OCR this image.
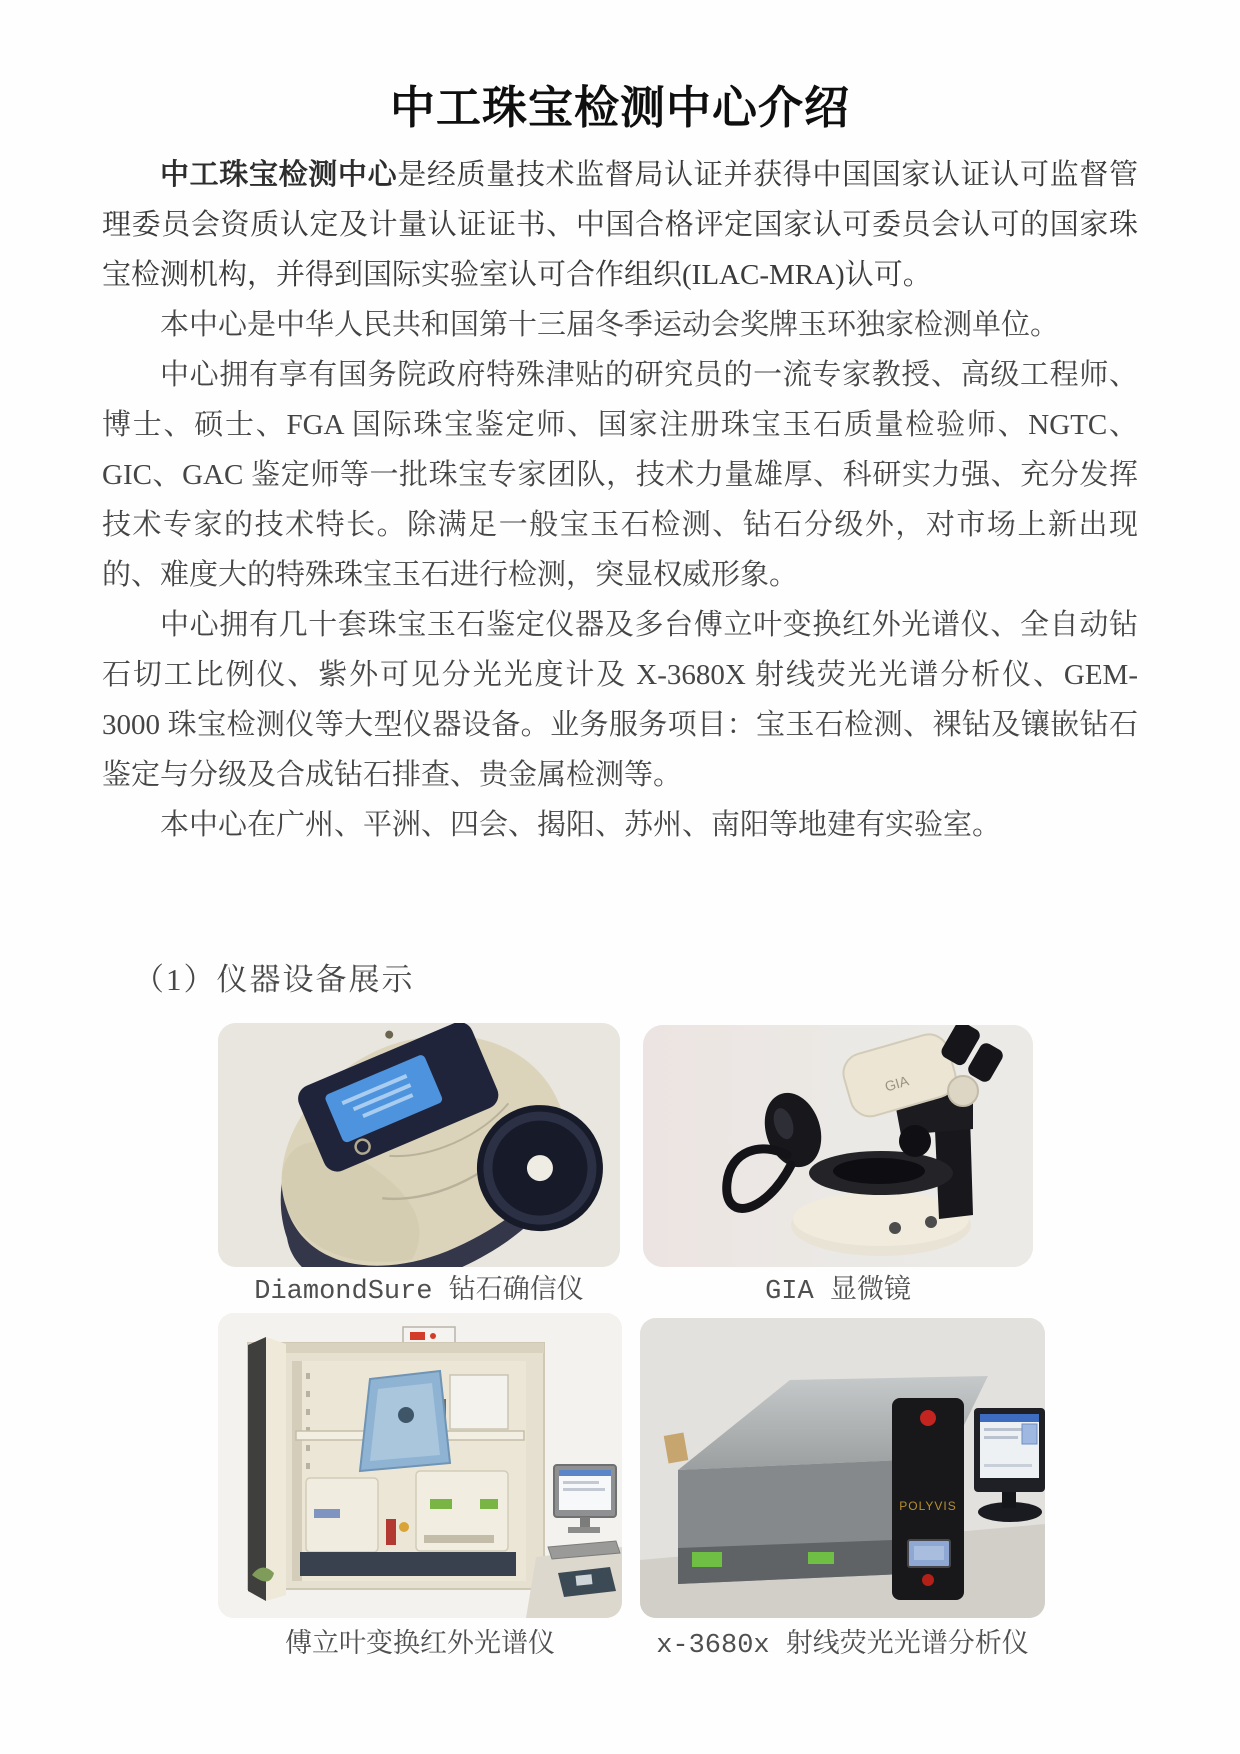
中工珠宝检测中心介绍

中工珠宝检测中心是经质量技术监督局认证并获得中国国家认证认可监督管理委员会资质认定及计量认证证书、中国合格评定国家认可委员会认可的国家珠宝检测机构，并得到国际实验室认可合作组织(ILAC-MRA)认可。

本中心是中华人民共和国第十三届冬季运动会奖牌玉环独家检测单位。

中心拥有享有国务院政府特殊津贴的研究员的一流专家教授、高级工程师、博士、硕士、FGA 国际珠宝鉴定师、国家注册珠宝玉石质量检验师、NGTC、GIC、GAC 鉴定师等一批珠宝专家团队，技术力量雄厚、科研实力强、充分发挥技术专家的技术特长。除满足一般宝玉石检测、钻石分级外，对市场上新出现的、难度大的特殊珠宝玉石进行检测，突显权威形象。

中心拥有几十套珠宝玉石鉴定仪器及多台傅立叶变换红外光谱仪、全自动钻石切工比例仪、紫外可见分光光度计及 X-3680X 射线荧光光谱分析仪、GEM-3000 珠宝检测仪等大型仪器设备。业务服务项目：宝玉石检测、裸钻及镶嵌钻石鉴定与分级及合成钻石排查、贵金属检测等。

本中心在广州、平洲、四会、揭阳、苏州、南阳等地建有实验室。

（1）仪器设备展示
GIA
POLYVIS
DiamondSure 钻石确信仪	GIA 显微镜
傅立叶变换红外光谱仪	x-3680x 射线荧光光谱分析仪
